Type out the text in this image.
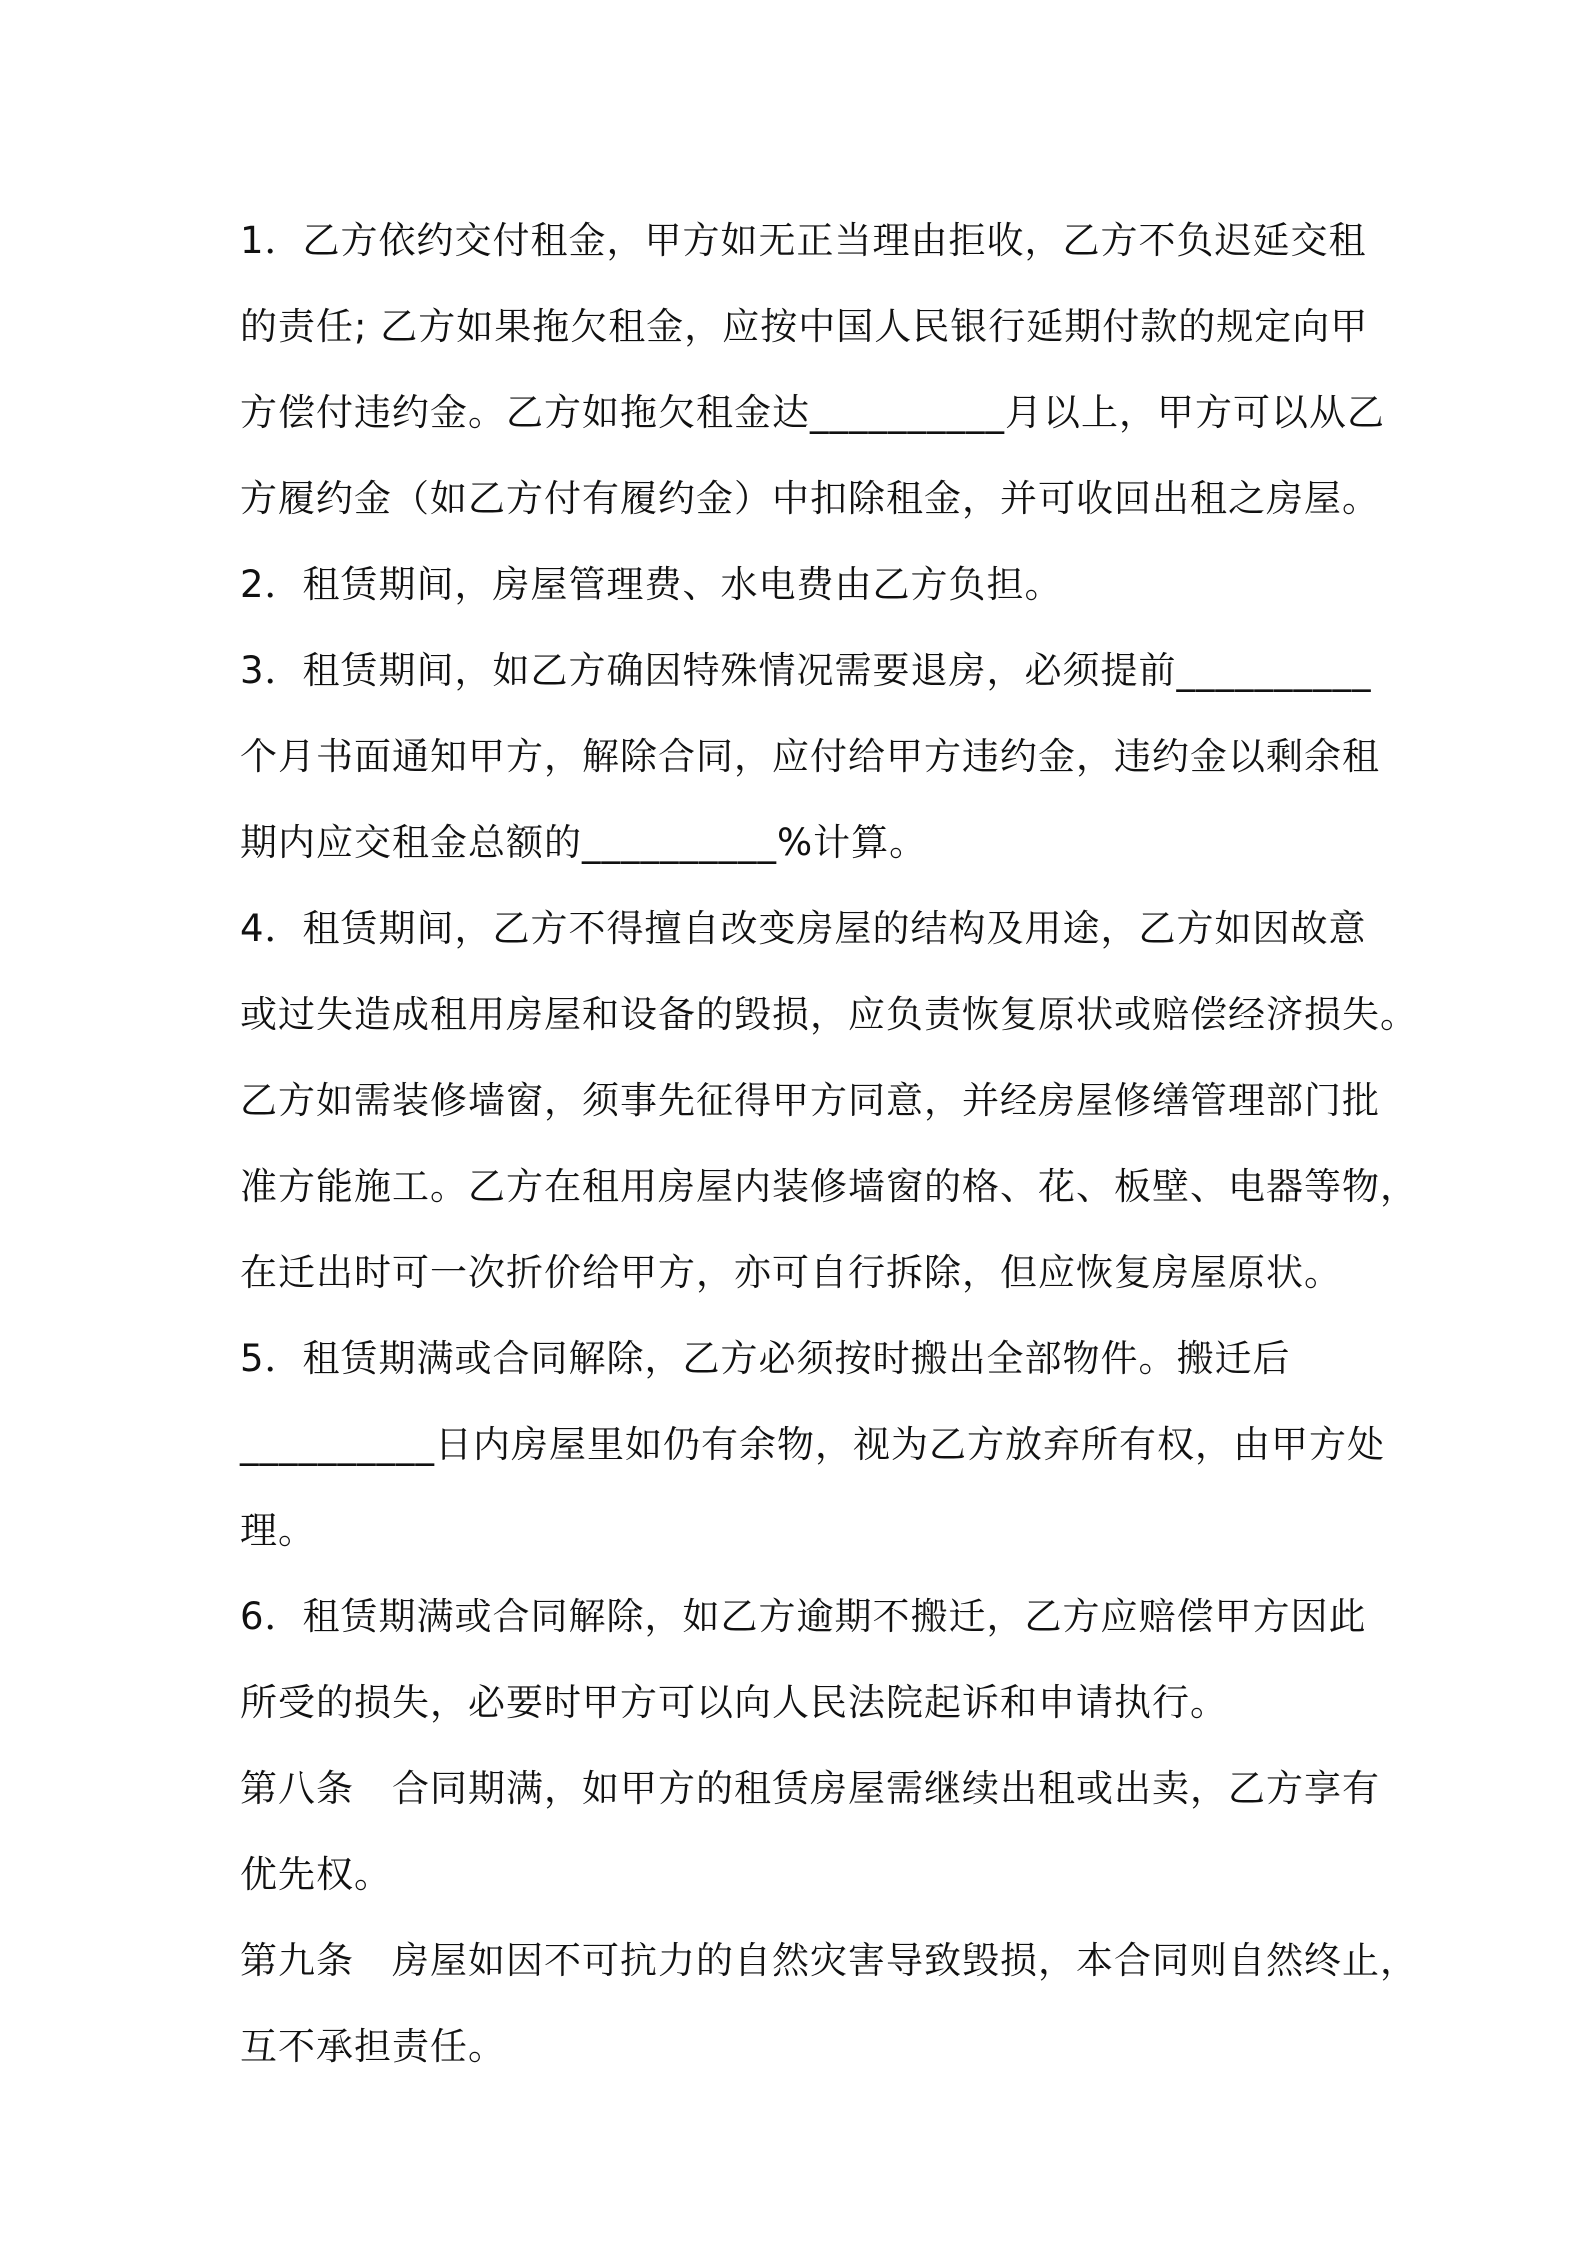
1．乙方依约交付租金，甲方如无正当理由拒收，乙方不负迟延交租
的责任; 乙方如果拖欠租金，应按中国人民银行延期付款的规定向甲
方偿付违约金。乙方如拖欠租金达__________月以上，甲方可以从乙
方履约金（如乙方付有履约金）中扣除租金，并可收回出租之房屋。

2．租赁期间，房屋管理费、水电费由乙方负担。

3．租赁期间，如乙方确因特殊情况需要退房，必须提前__________
个月书面通知甲方，解除合同，应付给甲方违约金，违约金以剩余租
期内应交租金总额的__________%计算。

4．租赁期间，乙方不得擅自改变房屋的结构及用途，乙方如因故意
或过失造成租用房屋和设备的毁损，应负责恢复原状或赔偿经济损失。
乙方如需装修墙窗，须事先征得甲方同意，并经房屋修缮管理部门批
准方能施工。乙方在租用房屋内装修墙窗的格、花、板壁、电器等物，
在迁出时可一次折价给甲方，亦可自行拆除，但应恢复房屋原状。

5．租赁期满或合同解除，乙方必须按时搬出全部物件。搬迁后
__________日内房屋里如仍有余物，视为乙方放弃所有权，由甲方处
理。

6．租赁期满或合同解除，如乙方逾期不搬迁，乙方应赔偿甲方因此
所受的损失，必要时甲方可以向人民法院起诉和申请执行。

第八条　合同期满，如甲方的租赁房屋需继续出租或出卖，乙方享有
优先权。

第九条　房屋如因不可抗力的自然灾害导致毁损，本合同则自然终止，
互不承担责任。
